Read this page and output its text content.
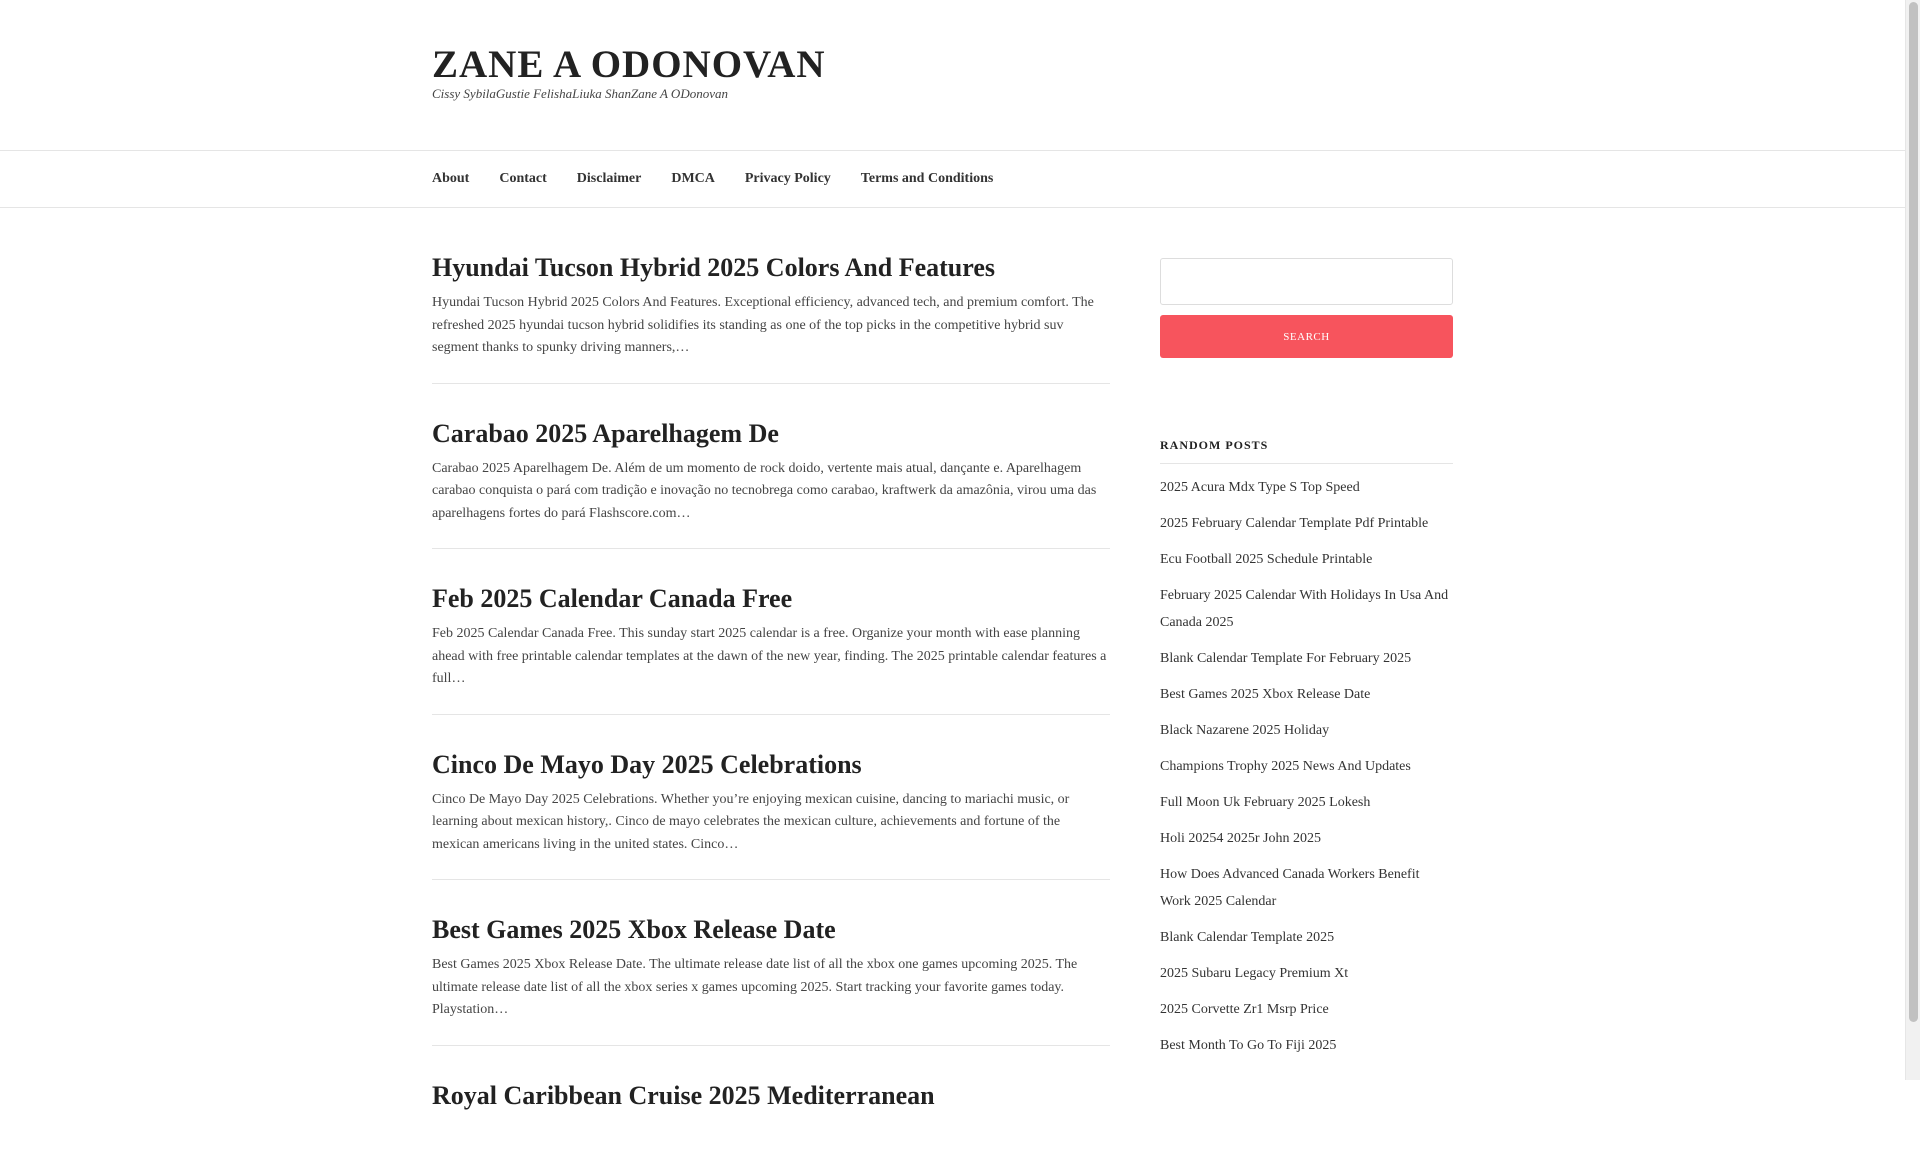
ZANE A ODONOVAN

Cissy SybilaGustie FelishaLiuka ShanZane A ODonovan

About Contact Disclaimer DMCA Privacy Policy Terms and Conditions
Hyundai Tucson Hybrid 2025 Colors And Features

Hyundai Tucson Hybrid 2025 Colors And Features. Exceptional efficiency, advanced tech, and premium comfort. The refreshed 2025 hyundai tucson hybrid solidifies its standing as one of the top picks in the competitive hybrid suv segment thanks to spunky driving manners,…

Carabao 2025 Aparelhagem De

Carabao 2025 Aparelhagem De. Além de um momento de rock doido, vertente mais atual, dançante e. Aparelhagem carabao conquista o pará com tradição e inovação no tecnobrega como carabao, kraftwerk da amazônia, virou uma das aparelhagens fortes do pará Flashscore.com…

Feb 2025 Calendar Canada Free

Feb 2025 Calendar Canada Free. This sunday start 2025 calendar is a free. Organize your month with ease planning ahead with free printable calendar templates at the dawn of the new year, finding. The 2025 printable calendar features a full…

Cinco De Mayo Day 2025 Celebrations

Cinco De Mayo Day 2025 Celebrations. Whether you’re enjoying mexican cuisine, dancing to mariachi music, or learning about mexican history,. Cinco de mayo celebrates the mexican culture, achievements and fortune of the mexican americans living in the united states. Cinco…

Best Games 2025 Xbox Release Date

Best Games 2025 Xbox Release Date. The ultimate release date list of all the xbox one games upcoming 2025. The ultimate release date list of all the xbox series x games upcoming 2025. Start tracking your favorite games today. Playstation…

Royal Caribbean Cruise 2025 Mediterranean

SEARCH
RANDOM POSTS
2025 Acura Mdx Type S Top Speed
2025 February Calendar Template Pdf Printable
Ecu Football 2025 Schedule Printable
February 2025 Calendar With Holidays In Usa And Canada 2025
Blank Calendar Template For February 2025
Best Games 2025 Xbox Release Date
Black Nazarene 2025 Holiday
Champions Trophy 2025 News And Updates
Full Moon Uk February 2025 Lokesh
Holi 20254 2025r John 2025
How Does Advanced Canada Workers Benefit Work 2025 Calendar
Blank Calendar Template 2025
2025 Subaru Legacy Premium Xt
2025 Corvette Zr1 Msrp Price
Best Month To Go To Fiji 2025
